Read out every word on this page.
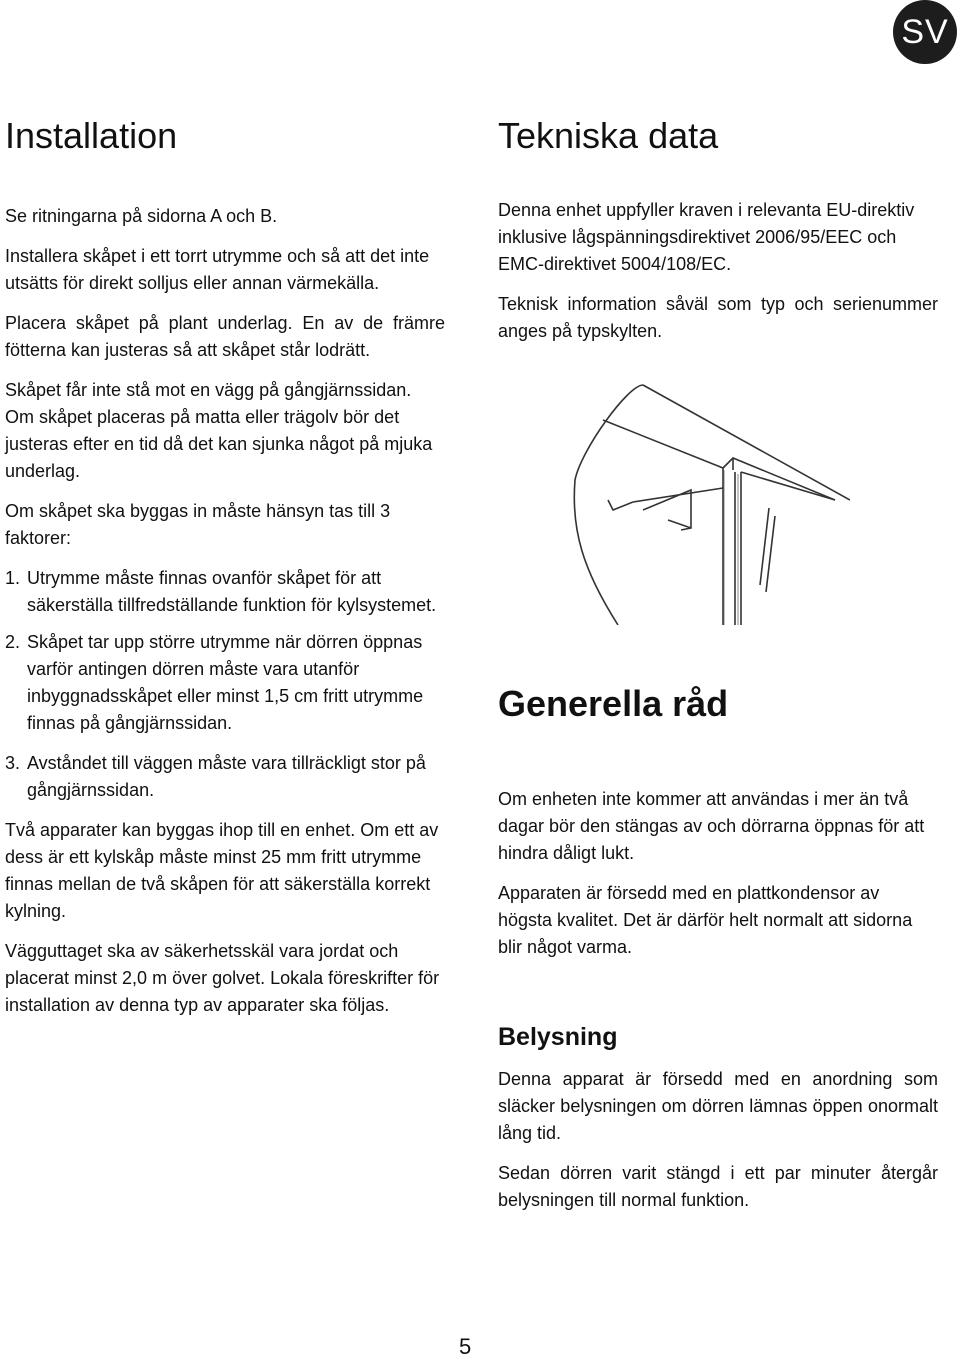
SV
Installation

Se ritningarna på sidorna A och B.

Installera skåpet i ett torrt utrymme och så att det inte utsätts för direkt solljus eller annan värmekälla.

Placera skåpet på plant underlag. En av de främre fötterna kan justeras så att skåpet står lodrätt.

Skåpet får inte stå mot en vägg på gångjärnssidan. Om skåpet placeras på matta eller trägolv bör det justeras efter en tid då det kan sjunka något på mjuka underlag.

Om skåpet ska byggas in måste hänsyn tas till 3 faktorer:

1. Utrymme måste finnas ovanför skåpet för att säkerställa tillfredställande funktion för kylsystemet.

2. Skåpet tar upp större utrymme när dörren öppnas varför antingen dörren måste vara utanför inbyggnadsskåpet eller minst 1,5 cm fritt utrymme finnas på gångjärnssidan.

3. Avståndet till väggen måste vara tillräckligt stor på gångjärnssidan.

Två apparater kan byggas ihop till en enhet. Om ett av dess är ett kylskåp måste minst 25 mm fritt utrymme finnas mellan de två skåpen för att säkerställa korrekt kylning.

Vägguttaget ska av säkerhetsskäl vara jordat och placerat minst 2,0 m över golvet. Lokala föreskrifter för installation av denna typ av apparater ska följas.

Tekniska data

Denna enhet uppfyller kraven i relevanta EU-direktiv inklusive lågspänningsdirektivet 2006/95/EEC och EMC-direktivet 5004/108/EC.

Teknisk information såväl som typ och serienummer anges på typskylten.

Generella råd

Om enheten inte kommer att användas i mer än två dagar bör den stängas av och dörrarna öppnas för att hindra dåligt lukt.

Apparaten är försedd med en plattkondensor av högsta kvalitet. Det är därför helt normalt att sidorna blir något varma.

Belysning

Denna apparat är försedd med en anordning som släcker belysningen om dörren lämnas öppen onormalt lång tid.

Sedan dörren varit stängd i ett par minuter återgår belysningen till normal funktion.

5
